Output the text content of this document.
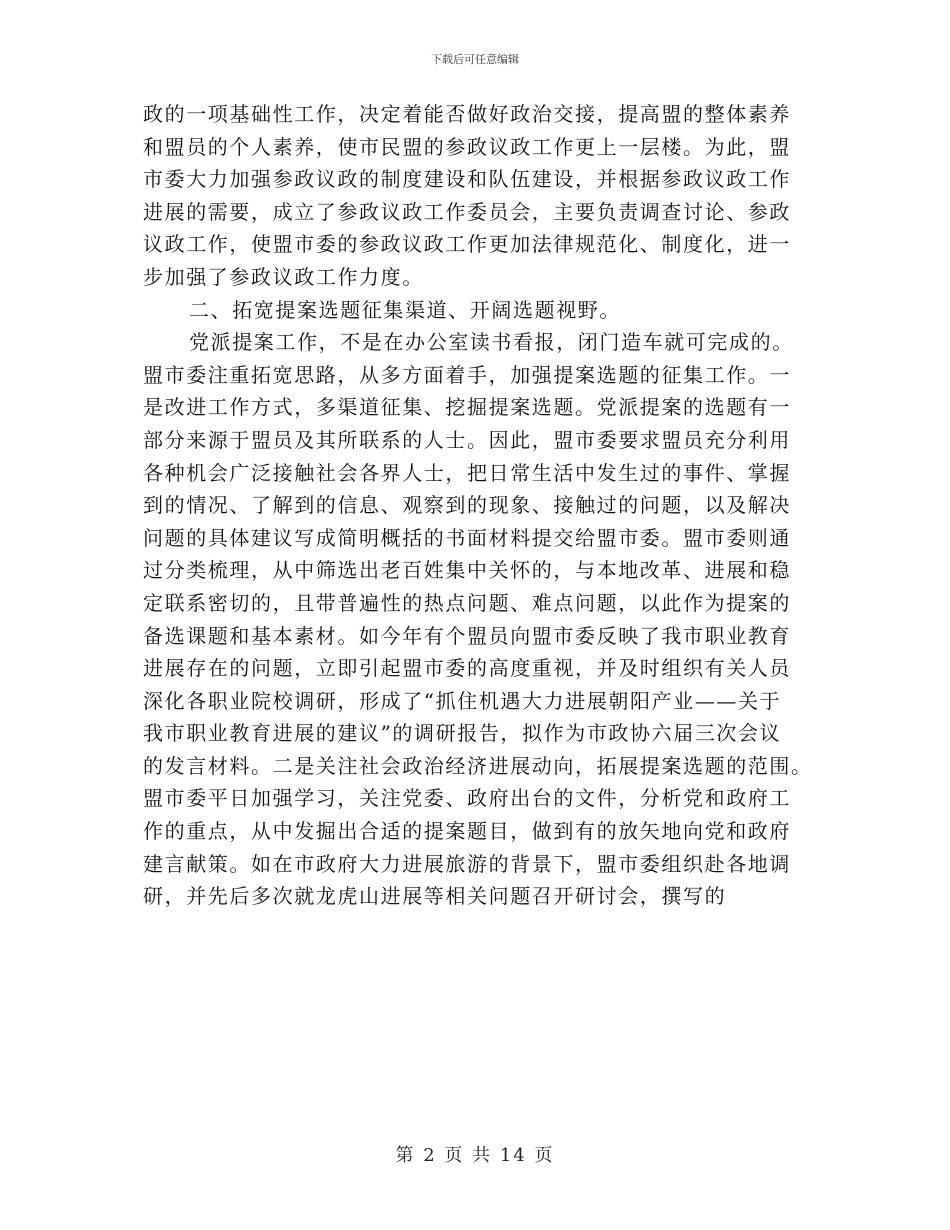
下载后可任意编辑
政的一项基础性工作，决定着能否做好政治交接，提高盟的整体素养
和盟员的个人素养，使市民盟的参政议政工作更上一层楼。为此，盟
市委大力加强参政议政的制度建设和队伍建设，并根据参政议政工作
进展的需要，成立了参政议政工作委员会，主要负责调查讨论、参政
议政工作，使盟市委的参政议政工作更加法律规范化、制度化，进一
步加强了参政议政工作力度。
二、拓宽提案选题征集渠道、开阔选题视野。
党派提案工作，不是在办公室读书看报，闭门造车就可完成的。
盟市委注重拓宽思路，从多方面着手，加强提案选题的征集工作。一
是改进工作方式，多渠道征集、挖掘提案选题。党派提案的选题有一
部分来源于盟员及其所联系的人士。因此，盟市委要求盟员充分利用
各种机会广泛接触社会各界人士，把日常生活中发生过的事件、掌握
到的情况、了解到的信息、观察到的现象、接触过的问题，以及解决
问题的具体建议写成简明概括的书面材料提交给盟市委。盟市委则通
过分类梳理，从中筛选出老百姓集中关怀的，与本地改革、进展和稳
定联系密切的，且带普遍性的热点问题、难点问题，以此作为提案的
备选课题和基本素材。如今年有个盟员向盟市委反映了我市职业教育
进展存在的问题，立即引起盟市委的高度重视，并及时组织有关人员
深化各职业院校调研，形成了“抓住机遇大力进展朝阳产业——关于
我市职业教育进展的建议”的调研报告，拟作为市政协六届三次会议
的发言材料。二是关注社会政治经济进展动向，拓展提案选题的范围。
盟市委平日加强学习，关注党委、政府出台的文件，分析党和政府工
作的重点，从中发掘出合适的提案题目，做到有的放矢地向党和政府
建言献策。如在市政府大力进展旅游的背景下，盟市委组织赴各地调
研，并先后多次就龙虎山进展等相关问题召开研讨会，撰写的
第 2 页 共 14 页
